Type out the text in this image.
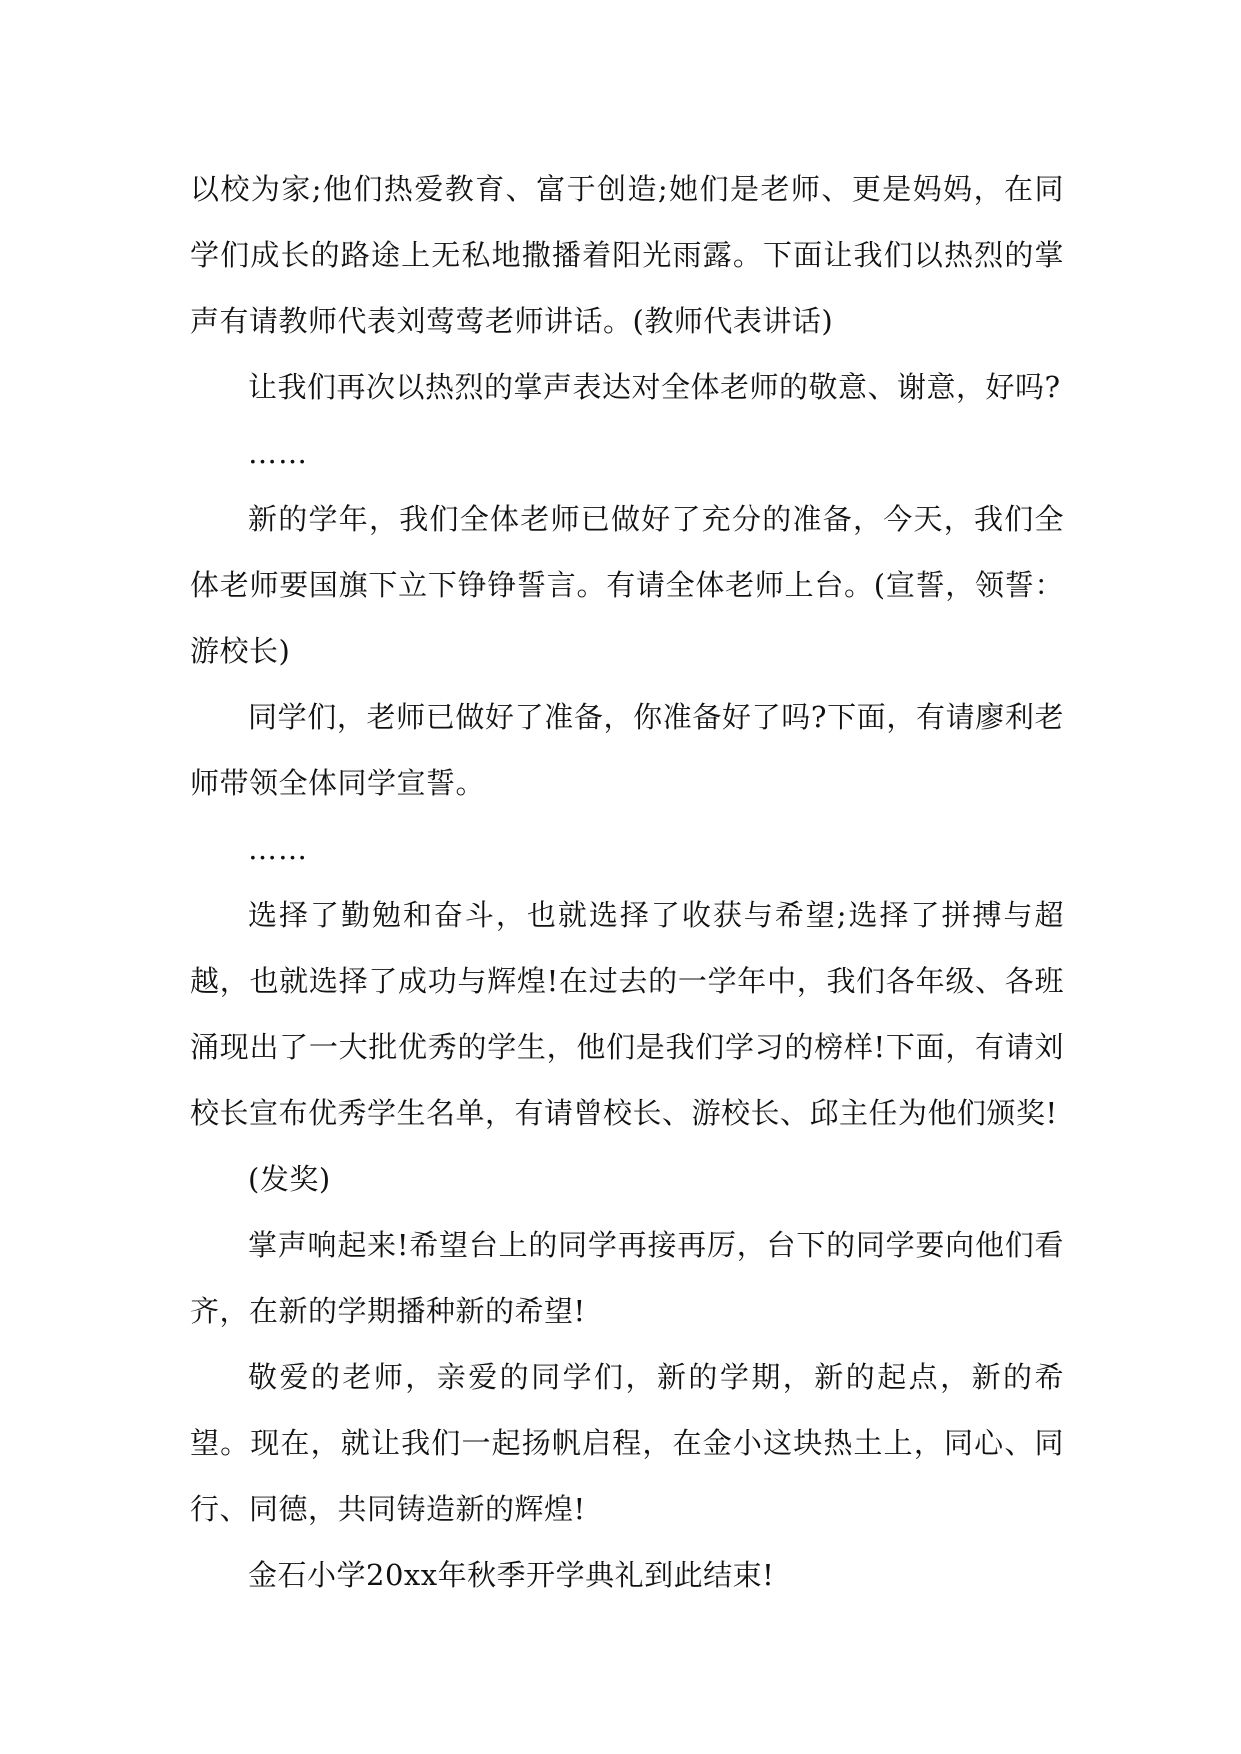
以校为家;他们热爱教育、富于创造;她们是老师、更是妈妈，在同学们成长的路途上无私地撒播着阳光雨露。下面让我们以热烈的掌声有请教师代表刘莺莺老师讲话。(教师代表讲话)

让我们再次以热烈的掌声表达对全体老师的敬意、谢意，好吗?

……

新的学年，我们全体老师已做好了充分的准备，今天，我们全体老师要国旗下立下铮铮誓言。有请全体老师上台。(宣誓，领誓：游校长)

同学们，老师已做好了准备，你准备好了吗?下面，有请廖利老师带领全体同学宣誓。

……

选择了勤勉和奋斗，也就选择了收获与希望;选择了拼搏与超越，也就选择了成功与辉煌!在过去的一学年中，我们各年级、各班涌现出了一大批优秀的学生，他们是我们学习的榜样!下面，有请刘校长宣布优秀学生名单，有请曾校长、游校长、邱主任为他们颁奖!

(发奖)

掌声响起来!希望台上的同学再接再厉，台下的同学要向他们看齐，在新的学期播种新的希望!

敬爱的老师，亲爱的同学们，新的学期，新的起点，新的希望。现在，就让我们一起扬帆启程，在金小这块热土上，同心、同行、同德，共同铸造新的辉煌!

金石小学20xx年秋季开学典礼到此结束!
